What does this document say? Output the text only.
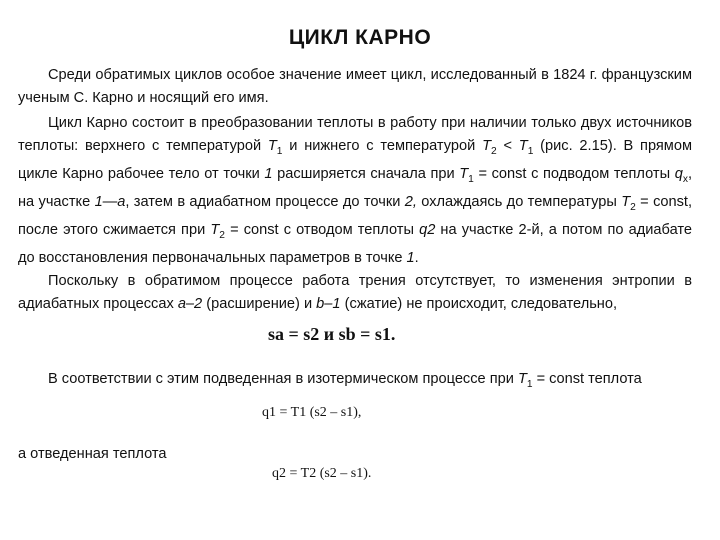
ЦИКЛ КАРНО

Среди обратимых циклов особое значение имеет цикл, исследованный в 1824 г. французским ученым С. Карно и носящий его имя.

Цикл Карно состоит в преобразовании теплоты в работу при наличии только двух источников теплоты: верхнего с температурой $T_1$ и нижнего с температурой $T_2 < T_1$ (рис. 2.15). В прямом цикле Карно рабочее тело от точки 1 расширяется сначала при $T_1$ = const с подводом теплоты $q_x$, на участке 1—a, затем в адиабатном процессе до точки 2, охлаждаясь до температуры $T_2$ = const, после этого сжимается при $T_2$ = const с отводом теплоты q2 на участке 2-й, а потом по адиабате до восстановления первоначальных параметров в точке 1.

Поскольку в обратимом процессе работа трения отсутствует, то изменения энтропии в адиабатных процессах a–2 (расширение) и b–1 (сжатие) не происходит, следовательно,

sa = s2 и sb = s1.

В соответствии с этим подведенная в изотермическом процессе при $T_1$ = const теплота

q1 = T1 (s2 – s1),

а отведенная теплота

q2 = T2 (s2 – s1).
